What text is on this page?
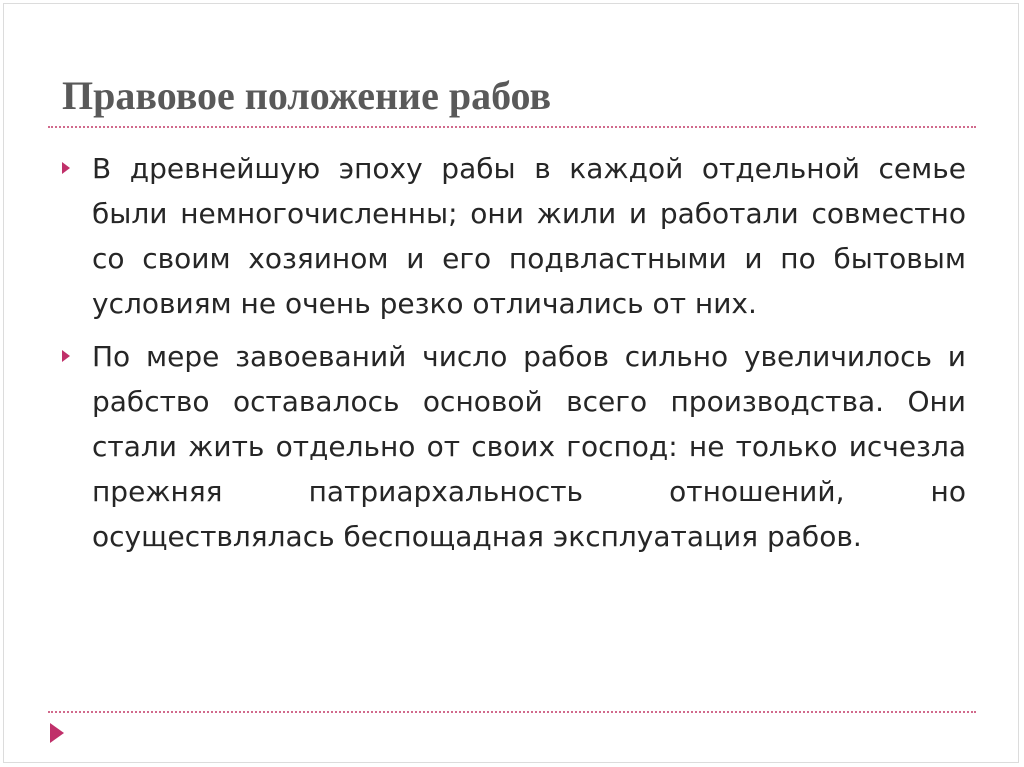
Правовое положение рабов
В древнейшую эпоху рабы в каждой отдельной семье были немногочисленны; они жили и работали совместно со своим хозяином и его подвластными и по бытовым условиям не очень резко отличались от них.
По мере завоеваний число рабов сильно увеличилось и рабство оставалось основой всего производства. Они стали жить отдельно от своих господ: не только исчезла прежняя патриархальность отношений, но осуществлялась беспощадная эксплуатация рабов.
